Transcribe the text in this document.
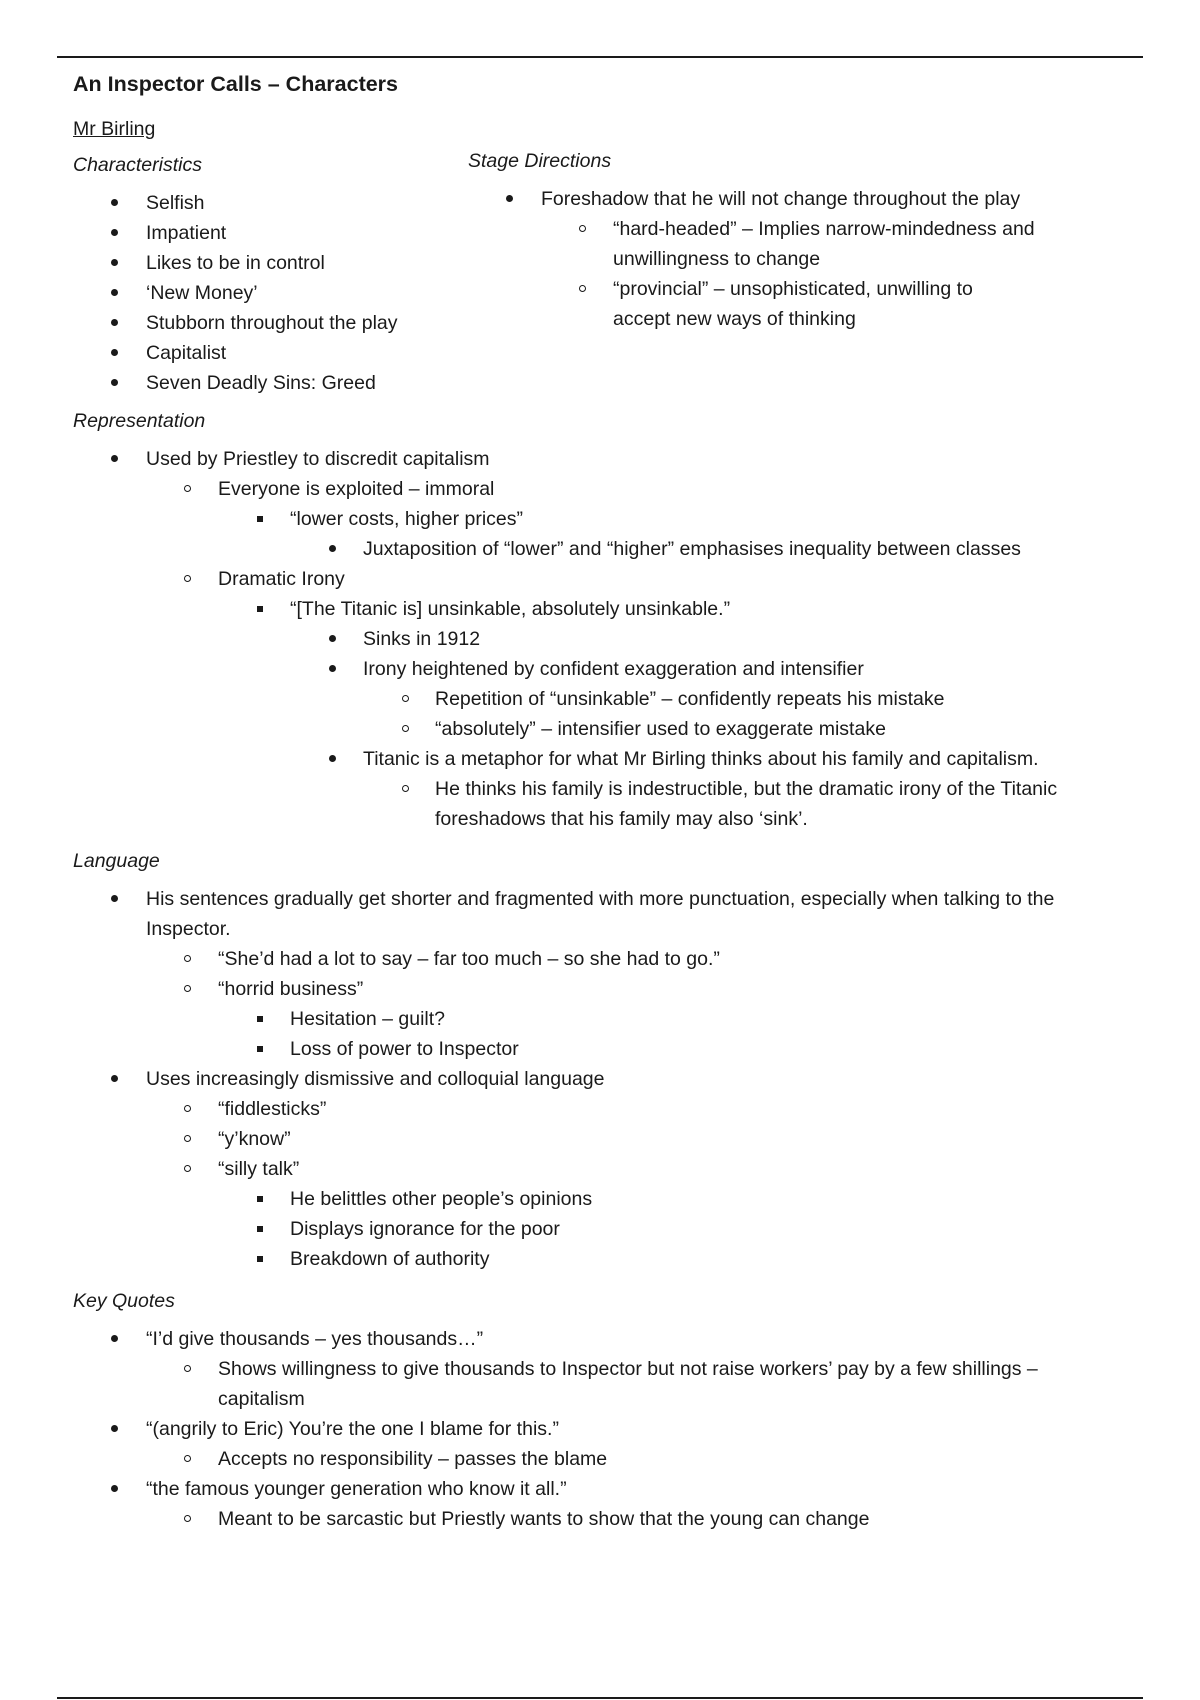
An Inspector Calls – Characters
Mr Birling
Characteristics
Selfish
Impatient
Likes to be in control
‘New Money’
Stubborn throughout the play
Capitalist
Seven Deadly Sins: Greed
Stage Directions
Foreshadow that he will not change throughout the play
“hard-headed” – Implies narrow-mindedness and
unwillingness to change
“provincial” – unsophisticated, unwilling to
accept new ways of thinking
Representation
Used by Priestley to discredit capitalism
Everyone is exploited – immoral
“lower costs, higher prices”
Juxtaposition of “lower” and “higher” emphasises inequality between classes
Dramatic Irony
“[The Titanic is] unsinkable, absolutely unsinkable.”
Sinks in 1912
Irony heightened by confident exaggeration and intensifier
Repetition of “unsinkable” – confidently repeats his mistake
“absolutely” – intensifier used to exaggerate mistake
Titanic is a metaphor for what Mr Birling thinks about his family and capitalism.
He thinks his family is indestructible, but the dramatic irony of the Titanic
foreshadows that his family may also ‘sink’.
Language
His sentences gradually get shorter and fragmented with more punctuation, especially when talking to the
Inspector.
“She’d had a lot to say – far too much – so she had to go.”
“horrid business”
Hesitation – guilt?
Loss of power to Inspector
Uses increasingly dismissive and colloquial language
“fiddlesticks”
“y’know”
“silly talk”
He belittles other people’s opinions
Displays ignorance for the poor
Breakdown of authority
Key Quotes
“I’d give thousands – yes thousands…”
Shows willingness to give thousands to Inspector but not raise workers’ pay by a few shillings –
capitalism
“(angrily to Eric) You’re the one I blame for this.”
Accepts no responsibility – passes the blame
“the famous younger generation who know it all.”
Meant to be sarcastic but Priestly wants to show that the young can change
